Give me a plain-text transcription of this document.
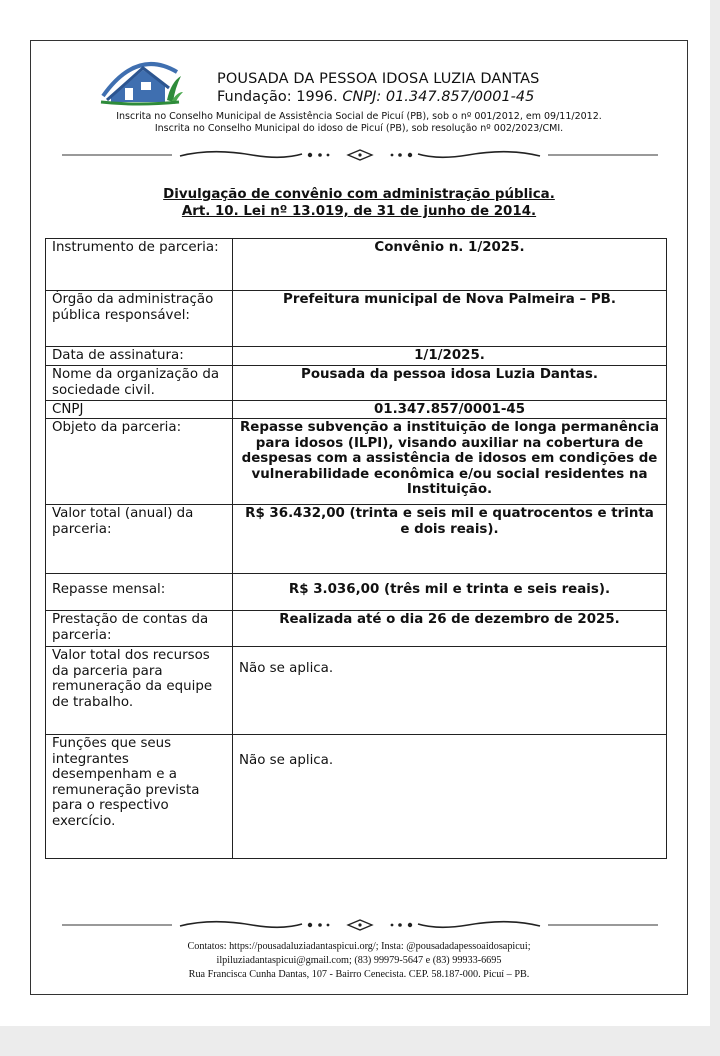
POUSADA DA PESSOA IDOSA LUZIA DANTAS
Fundação: 1996. CNPJ: 01.347.857/0001-45
Inscrita no Conselho Municipal de Assistência Social de Picuí (PB), sob o nº 001/2012, em 09/11/2012.
Inscrita no Conselho Municipal do idoso de Picuí (PB), sob resolução nº 002/2023/CMI.
Divulgação de convênio com administração pública.
Art. 10. Lei nº 13.019, de 31 de junho de 2014.
Instrumento de parceria:	Convênio n. 1/2025.
Órgão da administração pública responsável:	Prefeitura municipal de Nova Palmeira – PB.
Data de assinatura:	1/1/2025.
Nome da organização da sociedade civil.	Pousada da pessoa idosa Luzia Dantas.
CNPJ	01.347.857/0001-45
Objeto da parceria:	Repasse subvenção a instituição de longa permanência para idosos (ILPI), visando auxiliar na cobertura de despesas com a assistência de idosos em condições de vulnerabilidade econômica e/ou social residentes na Instituição.
Valor total (anual) da parceria:	R$ 36.432,00 (trinta e seis mil e quatrocentos e trinta e dois reais).
Repasse mensal:	R$ 3.036,00 (três mil e trinta e seis reais).
Prestação de contas da parceria:	Realizada até o dia 26 de dezembro de 2025.
Valor total dos recursos da parceria para remuneração da equipe de trabalho.	Não se aplica.
Funções que seus integrantes desempenham e a remuneração prevista para o respectivo exercício.	Não se aplica.
Contatos: https://pousadaluziadantaspicui.org/; Insta: @pousadadapessoaidosapicui;
ilpiluziadantaspicui@gmail.com; (83) 99979-5647 e (83) 99933-6695
Rua Francisca Cunha Dantas, 107 - Bairro Cenecista. CEP. 58.187-000. Picuí – PB.
